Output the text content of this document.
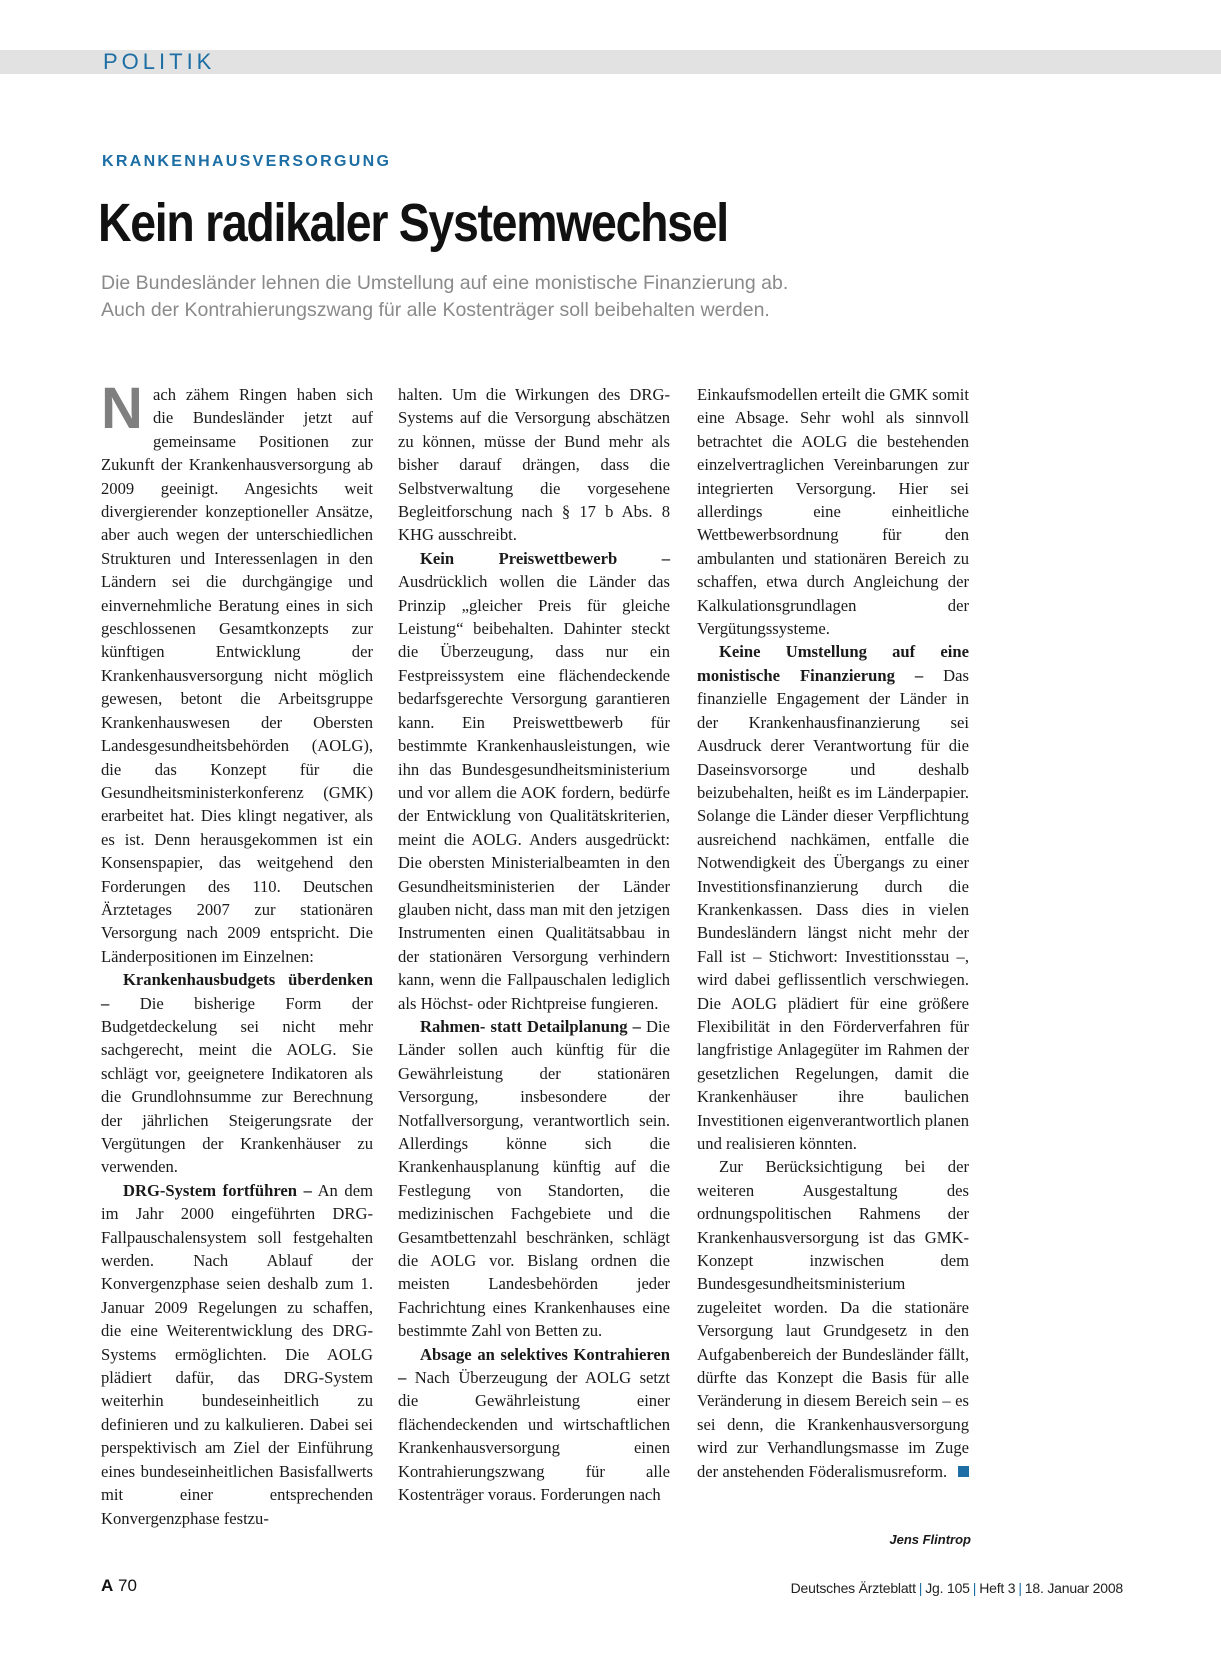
POLITIK
KRANKENHAUSVERSORGUNG
Kein radikaler Systemwechsel
Die Bundesländer lehnen die Umstellung auf eine monistische Finanzierung ab.
Auch der Kontrahierungszwang für alle Kostenträger soll beibehalten werden.

Nach zähem Ringen haben sich die Bundesländer jetzt auf gemeinsame Positionen zur Zukunft der Krankenhausversorgung ab 2009 geeinigt. Angesichts weit divergierender konzeptioneller Ansätze, aber auch wegen der unterschiedlichen Strukturen und Interessenlagen in den Ländern sei die durchgängige und einvernehmliche Beratung eines in sich geschlossenen Gesamtkonzepts zur künftigen Entwicklung der Krankenhausversorgung nicht möglich gewesen, betont die Arbeitsgruppe Krankenhauswesen der Obersten Landesgesundheitsbehörden (AOLG), die das Konzept für die Gesundheitsministerkonferenz (GMK) erarbeitet hat. Dies klingt negativer, als es ist. Denn herausgekommen ist ein Konsenspapier, das weitgehend den Forderungen des 110. Deutschen Ärztetages 2007 zur stationären Versorgung nach 2009 entspricht. Die Länderpositionen im Einzelnen:

Krankenhausbudgets überdenken – Die bisherige Form der Budgetdeckelung sei nicht mehr sachgerecht, meint die AOLG. Sie schlägt vor, geeignetere Indikatoren als die Grundlohnsumme zur Berechnung der jährlichen Steigerungsrate der Vergütungen der Krankenhäuser zu verwenden.

DRG-System fortführen – An dem im Jahr 2000 eingeführten DRG-Fallpauschalensystem soll festgehalten werden. Nach Ablauf der Konvergenzphase seien deshalb zum 1. Januar 2009 Regelungen zu schaffen, die eine Weiterentwicklung des DRG-Systems ermöglichten. Die AOLG plädiert dafür, das DRG-System weiterhin bundeseinheitlich zu definieren und zu kalkulieren. Dabei sei perspektivisch am Ziel der Einführung eines bundeseinheitlichen Basisfallwerts mit einer entsprechenden Konvergenzphase festzu-

halten. Um die Wirkungen des DRG-Systems auf die Versorgung abschätzen zu können, müsse der Bund mehr als bisher darauf drängen, dass die Selbstverwaltung die vorgesehene Begleitforschung nach § 17 b Abs. 8 KHG ausschreibt.

Kein Preiswettbewerb – Ausdrücklich wollen die Länder das Prinzip „gleicher Preis für gleiche Leistung“ beibehalten. Dahinter steckt die Überzeugung, dass nur ein Festpreissystem eine flächendeckende bedarfsgerechte Versorgung garantieren kann. Ein Preiswettbewerb für bestimmte Krankenhausleistungen, wie ihn das Bundesgesundheitsministerium und vor allem die AOK fordern, bedürfe der Entwicklung von Qualitätskriterien, meint die AOLG. Anders ausgedrückt: Die obersten Ministerialbeamten in den Gesundheitsministerien der Länder glauben nicht, dass man mit den jetzigen Instrumenten einen Qualitätsabbau in der stationären Versorgung verhindern kann, wenn die Fallpauschalen lediglich als Höchst- oder Richtpreise fungieren.

Rahmen- statt Detailplanung – Die Länder sollen auch künftig für die Gewährleistung der stationären Versorgung, insbesondere der Notfallversorgung, verantwortlich sein. Allerdings könne sich die Krankenhausplanung künftig auf die Festlegung von Standorten, die medizinischen Fachgebiete und die Gesamtbettenzahl beschränken, schlägt die AOLG vor. Bislang ordnen die meisten Landesbehörden jeder Fachrichtung eines Krankenhauses eine bestimmte Zahl von Betten zu.

Absage an selektives Kontrahieren – Nach Überzeugung der AOLG setzt die Gewährleistung einer flächendeckenden und wirtschaftlichen Krankenhausversorgung einen Kontrahierungszwang für alle Kostenträger voraus. Forderungen nach

Einkaufsmodellen erteilt die GMK somit eine Absage. Sehr wohl als sinnvoll betrachtet die AOLG die bestehenden einzelvertraglichen Vereinbarungen zur integrierten Versorgung. Hier sei allerdings eine einheitliche Wettbewerbsordnung für den ambulanten und stationären Bereich zu schaffen, etwa durch Angleichung der Kalkulationsgrundlagen der Vergütungssysteme.

Keine Umstellung auf eine monistische Finanzierung – Das finanzielle Engagement der Länder in der Krankenhausfinanzierung sei Ausdruck derer Verantwortung für die Daseinsvorsorge und deshalb beizubehalten, heißt es im Länderpapier. Solange die Länder dieser Verpflichtung ausreichend nachkämen, entfalle die Notwendigkeit des Übergangs zu einer Investitionsfinanzierung durch die Krankenkassen. Dass dies in vielen Bundesländern längst nicht mehr der Fall ist – Stichwort: Investitionsstau –, wird dabei geflissentlich verschwiegen. Die AOLG plädiert für eine größere Flexibilität in den Förderverfahren für langfristige Anlagegüter im Rahmen der gesetzlichen Regelungen, damit die Krankenhäuser ihre baulichen Investitionen eigenverantwortlich planen und realisieren könnten.

Zur Berücksichtigung bei der weiteren Ausgestaltung des ordnungspolitischen Rahmens der Krankenhausversorgung ist das GMK-Konzept inzwischen dem Bundesgesundheitsministerium zugeleitet worden. Da die stationäre Versorgung laut Grundgesetz in den Aufgabenbereich der Bundesländer fällt, dürfte das Konzept die Basis für alle Veränderung in diesem Bereich sein – es sei denn, die Krankenhausversorgung wird zur Verhandlungsmasse im Zuge der anstehenden Föderalismusreform.

Jens Flintrop
A 70	Deutsches Ärzteblatt | Jg. 105 | Heft 3 | 18. Januar 2008
